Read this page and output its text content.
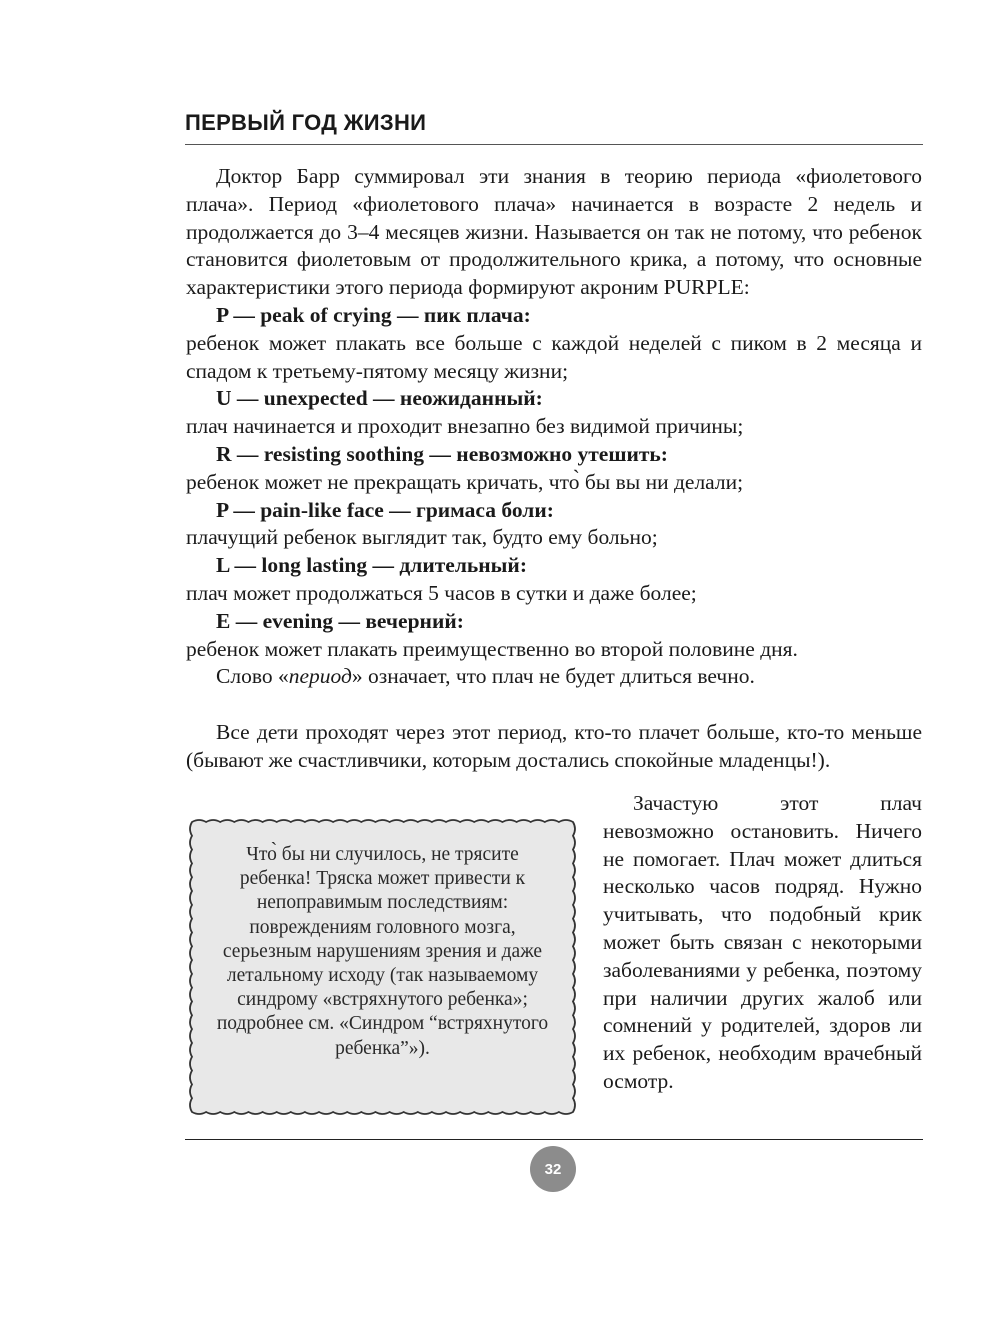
ПЕРВЫЙ ГОД ЖИЗНИ

Доктор Барр суммировал эти знания в теорию периода «фиолетового плача». Период «фиолетового плача» начинается в возрасте 2 недель и продолжается до 3–4 месяцев жизни. Называется он так не потому, что ребенок становится фиолетовым от продолжительного крика, а потому, что основные характеристики этого периода формируют акроним PURPLE:

P — peak of crying — пик плача:

ребенок может плакать все больше с каждой неделей с пиком в 2 месяца и спадом к третьему-пятому месяцу жизни;

U — unexpected — неожиданный:

плач начинается и проходит внезапно без видимой причины;

R — resisting soothing — невозможно утешить:

ребенок может не прекращать кричать, что̀ бы вы ни делали;

P — pain-like face — гримаса боли:

плачущий ребенок выглядит так, будто ему больно;

L — long lasting — длительный:

плач может продолжаться 5 часов в сутки и даже более;

E — evening — вечерний:

ребенок может плакать преимущественно во второй половине дня.

Слово «период» означает, что плач не будет длиться вечно.

Все дети проходят через этот период, кто-то плачет больше, кто-то меньше (бывают же счастливчики, которым достались спокойные младенцы!).

Зачастую этот плач невозможно остановить. Ничего не помогает. Плач может длиться несколько часов подряд. Нужно учитывать, что подобный крик может быть связан с некоторыми заболеваниями у ребенка, поэтому при наличии других жалоб или сомнений у родителей, здоров ли их ребенок, необходим врачебный осмотр.

Что̀ бы ни случилось, не трясите ребенка! Тряска может привести к непоправимым последствиям: повреждениям головного мозга, серьезным нарушениям зрения и даже летальному исходу (так называемому синдрому «встряхнутого ребенка»; подробнее см. «Синдром “встряхнутого ребенка”»).
32
